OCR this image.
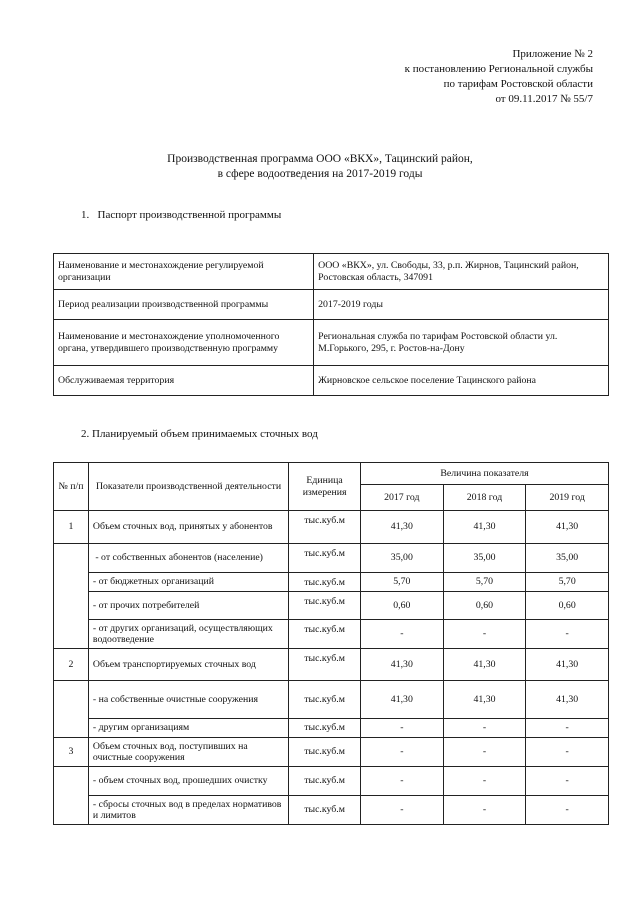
Приложение № 2
к постановлению Региональной службы
по тарифам Ростовской области
от 09.11.2017 № 55/7
Производственная программа ООО «ВКХ», Тацинский район,
в сфере водоотведения на 2017-2019 годы
1.   Паспорт производственной программы
Наименование и местонахождение регулируемой организации	ООО «ВКХ», ул. Свободы, 33, р.п. Жирнов, Тацинский район, Ростовская область, 347091
Период реализации производственной программы	2017-2019 годы
Наименование и местонахождение уполномоченного органа, утвердившего производственную программу	Региональная служба по тарифам Ростовской области ул. М.Горького, 295, г. Ростов-на-Дону
Обслуживаемая территория	Жирновское сельское поселение Тацинского района
2. Планируемый объем принимаемых сточных вод
№ п/п	Показатели производственной деятельности	Единица измерения	Величина показателя		
			2017 год	2018 год	2019 год
1	Объем сточных вод, принятых у абонентов	тыс.куб.м	41,30	41,30	41,30
	- от собственных абонентов (население)	тыс.куб.м	35,00	35,00	35,00
	- от бюджетных организаций	тыс.куб.м	5,70	5,70	5,70
	- от прочих потребителей	тыс.куб.м	0,60	0,60	0,60
	- от других организаций, осуществляющих водоотведение	тыс.куб.м	-	-	-
2	Объем транспортируемых сточных вод	тыс.куб.м	41,30	41,30	41,30
	- на собственные очистные сооружения	тыс.куб.м	41,30	41,30	41,30
	- другим организациям	тыс.куб.м	-	-	-
3	Объем сточных вод, поступивших на очистные сооружения	тыс.куб.м	-	-	-
	- объем сточных вод, прошедших очистку	тыс.куб.м	-	-	-
	- сбросы сточных вод в пределах нормативов и лимитов	тыс.куб.м	-	-	-
